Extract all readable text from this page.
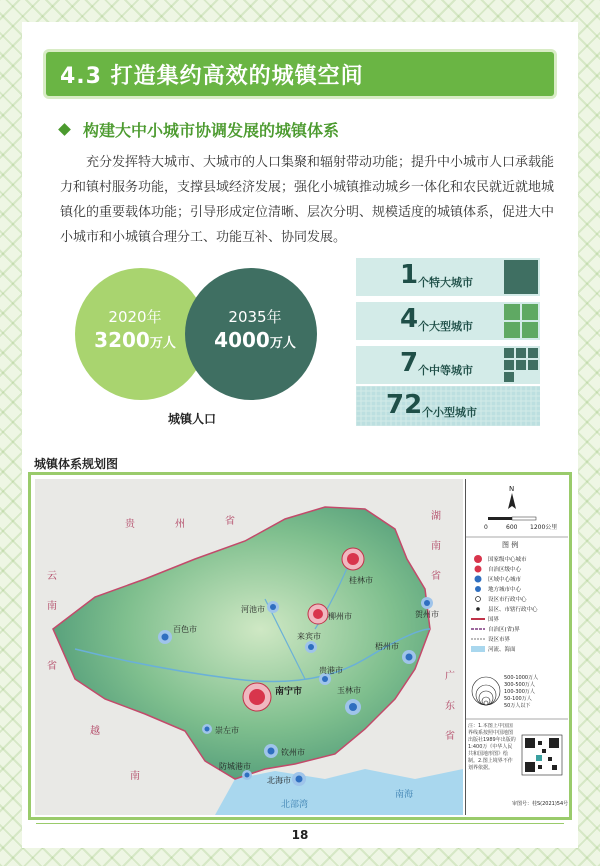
4.3 打造集约高效的城镇空间
构建大中小城市协调发展的城镇体系

充分发挥特大城市、大城市的人口集聚和辐射带动功能；提升中小城市人口承载能力和镇村服务功能，支撑县域经济发展；强化小城镇推动城乡一体化和农民就近就地城镇化的重要载体功能；引导形成定位清晰、层次分明、规模适度的城镇体系，促进大中小城市和小城镇合理分工、功能互补、协同发展。

2020年
3200万人
2035年
4000万人
城镇人口
1 个特大城市
4 个大型城市
7 个中等城市
72 个小型城市
城镇体系规划图
贵	州	省	湖
南
省
广
东
省
云
南
省
越
南
北部湾
南海
南宁市
桂林市
柳州市
河池市
百色市
来宾市
贺州市
梧州市
贵港市
玉林市
崇左市
钦州市
防城港市
北海市
N
0	600 1200公里
图 例
国家级中心城市
自治区级中心
区域中心城市
地方城市中心
设区市行政中心
县区、市辖行政中心
国界
自治区(省)界
设区市界
河流、海面
500-1000万人
300-500万人
100-300万人
50-100万人
50万人以下
注：1.本图上中国国界线系按照中国地图出版社1989年出版的1:400万《中华人民共和国地形图》绘制。2.图上境界不作划界依据。
审图号：桂S(2021)54号
18
